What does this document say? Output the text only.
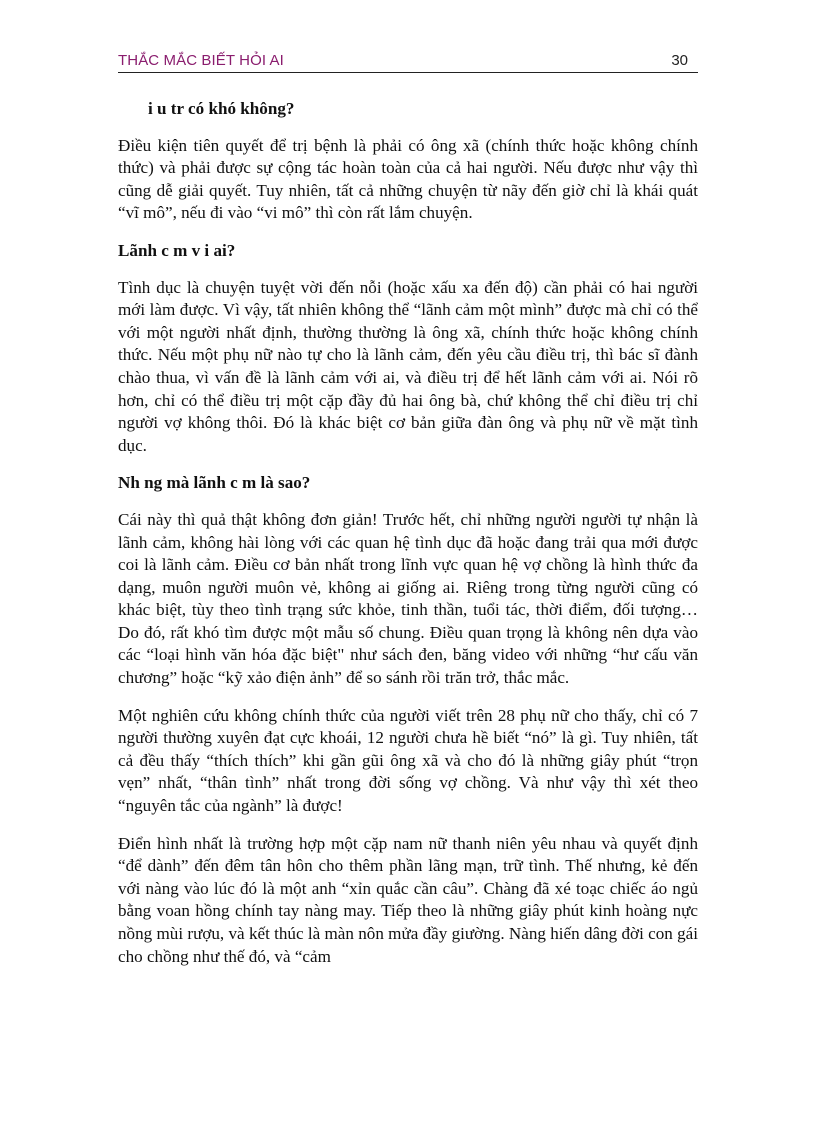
THẮC MẮC BIẾT HỎI AI	30
i u tr có khó không?

Điều kiện tiên quyết để trị bệnh là phải có ông xã (chính thức hoặc không chính thức) và phải được sự cộng tác hoàn toàn của cả hai người. Nếu được như vậy thì cũng dễ giải quyết. Tuy nhiên, tất cả những chuyện từ nãy đến giờ chỉ là khái quát “vĩ mô”, nếu đi vào “vi mô” thì còn rất lắm chuyện.

Lãnh c m v i ai?

Tình dục là chuyện tuyệt vời đến nỗi (hoặc xấu xa đến độ) cần phải có hai người mới làm được. Vì vậy, tất nhiên không thể “lãnh cảm một mình” được mà chỉ có thể với một người nhất định, thường thường là ông xã, chính thức hoặc không chính thức. Nếu một phụ nữ nào tự cho là lãnh cảm, đến yêu cầu điều trị, thì bác sĩ đành chào thua, vì vấn đề là lãnh cảm với ai, và điều trị để hết lãnh cảm với ai. Nói rõ hơn, chỉ có thể điều trị một cặp đầy đủ hai ông bà, chứ không thể chỉ điều trị chỉ người vợ không thôi. Đó là khác biệt cơ bản giữa đàn ông và phụ nữ về mặt tình dục.

Nh ng mà lãnh c m là sao?

Cái này thì quả thật không đơn giản! Trước hết, chỉ những người người tự nhận là lãnh cảm, không hài lòng với các quan hệ tình dục đã hoặc đang trải qua mới được coi là lãnh cảm. Điều cơ bản nhất trong lĩnh vực quan hệ vợ chồng là hình thức đa dạng, muôn người muôn vẻ, không ai giống ai. Riêng trong từng người cũng có khác biệt, tùy theo tình trạng sức khỏe, tinh thần, tuổi tác, thời điểm, đối tượng… Do đó, rất khó tìm được một mẫu số chung. Điều quan trọng là không nên dựa vào các “loại hình văn hóa đặc biệt" như sách đen, băng video với những “hư cấu văn chương” hoặc “kỹ xảo điện ảnh” để so sánh rồi trăn trở, thắc mắc.

Một nghiên cứu không chính thức của người viết trên 28 phụ nữ cho thấy, chỉ có 7 người thường xuyên đạt cực khoái, 12 người chưa hề biết “nó” là gì. Tuy nhiên, tất cả đều thấy “thích thích” khi gần gũi ông xã và cho đó là những giây phút “trọn vẹn” nhất, “thân tình” nhất trong đời sống vợ chồng. Và như vậy thì xét theo “nguyên tắc của ngành” là được!

Điển hình nhất là trường hợp một cặp nam nữ thanh niên yêu nhau và quyết định “để dành” đến đêm tân hôn cho thêm phần lãng mạn, trữ tình. Thế nhưng, kẻ đến với nàng vào lúc đó là một anh “xỉn quắc cần câu”. Chàng đã xé toạc chiếc áo ngủ bằng voan hồng chính tay nàng may. Tiếp theo là những giây phút kinh hoàng nực nồng mùi rượu, và kết thúc là màn nôn mửa đầy giường. Nàng hiến dâng đời con gái cho chồng như thế đó, và “cảm
